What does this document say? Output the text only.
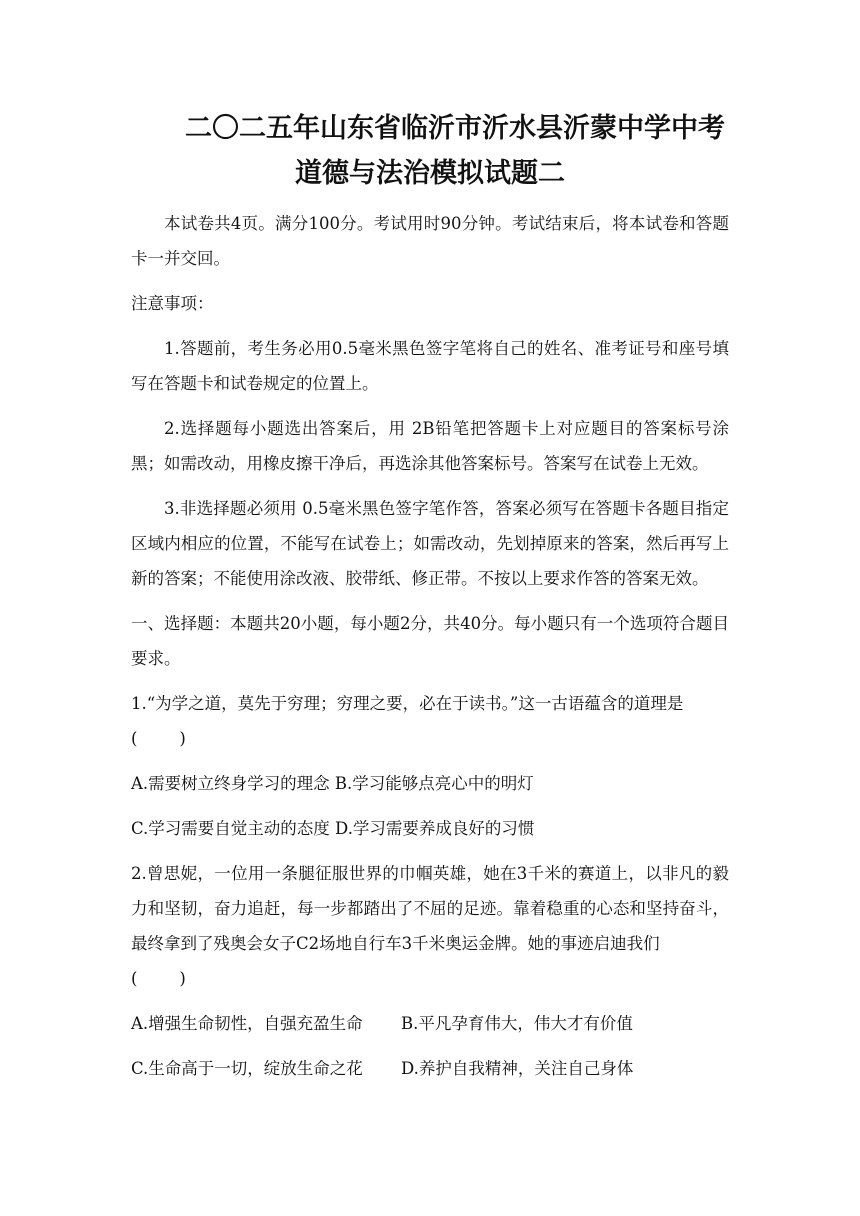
二〇二五年山东省临沂市沂水县沂蒙中学中考
道德与法治模拟试题二

本试卷共4页。满分100分。考试用时90分钟。考试结束后，将本试卷和答题卡一并交回。

注意事项：

1.答题前，考生务必用0.5毫米黑色签字笔将自己的姓名、准考证号和座号填写在答题卡和试卷规定的位置上。

2.选择题每小题选出答案后，用 2B铅笔把答题卡上对应题目的答案标号涂黑；如需改动，用橡皮擦干净后，再选涂其他答案标号。答案写在试卷上无效。

3.非选择题必须用 0.5毫米黑色签字笔作答，答案必须写在答题卡各题目指定区域内相应的位置，不能写在试卷上；如需改动，先划掉原来的答案，然后再写上新的答案；不能使用涂改液、胶带纸、修正带。不按以上要求作答的答案无效。

一、选择题：本题共20小题，每小题2分，共40分。每小题只有一个选项符合题目要求。

1.“为学之道，莫先于穷理；穷理之要，必在于读书。”这一古语蕴含的道理是
(        )

A.需要树立终身学习的理念 B.学习能够点亮心中的明灯
C.学习需要自觉主动的态度 D.学习需要养成良好的习惯

2.曾思妮，一位用一条腿征服世界的巾帼英雄，她在3千米的赛道上，以非凡的毅力和坚韧，奋力追赶，每一步都踏出了不屈的足迹。靠着稳重的心态和坚持奋斗，最终拿到了残奥会女子C2场地自行车3千米奥运金牌。她的事迹启迪我们
(        )

A.增强生命韧性，自强充盈生命	B.平凡孕育伟大，伟大才有价值
C.生命高于一切，绽放生命之花	D.养护自我精神，关注自己身体
